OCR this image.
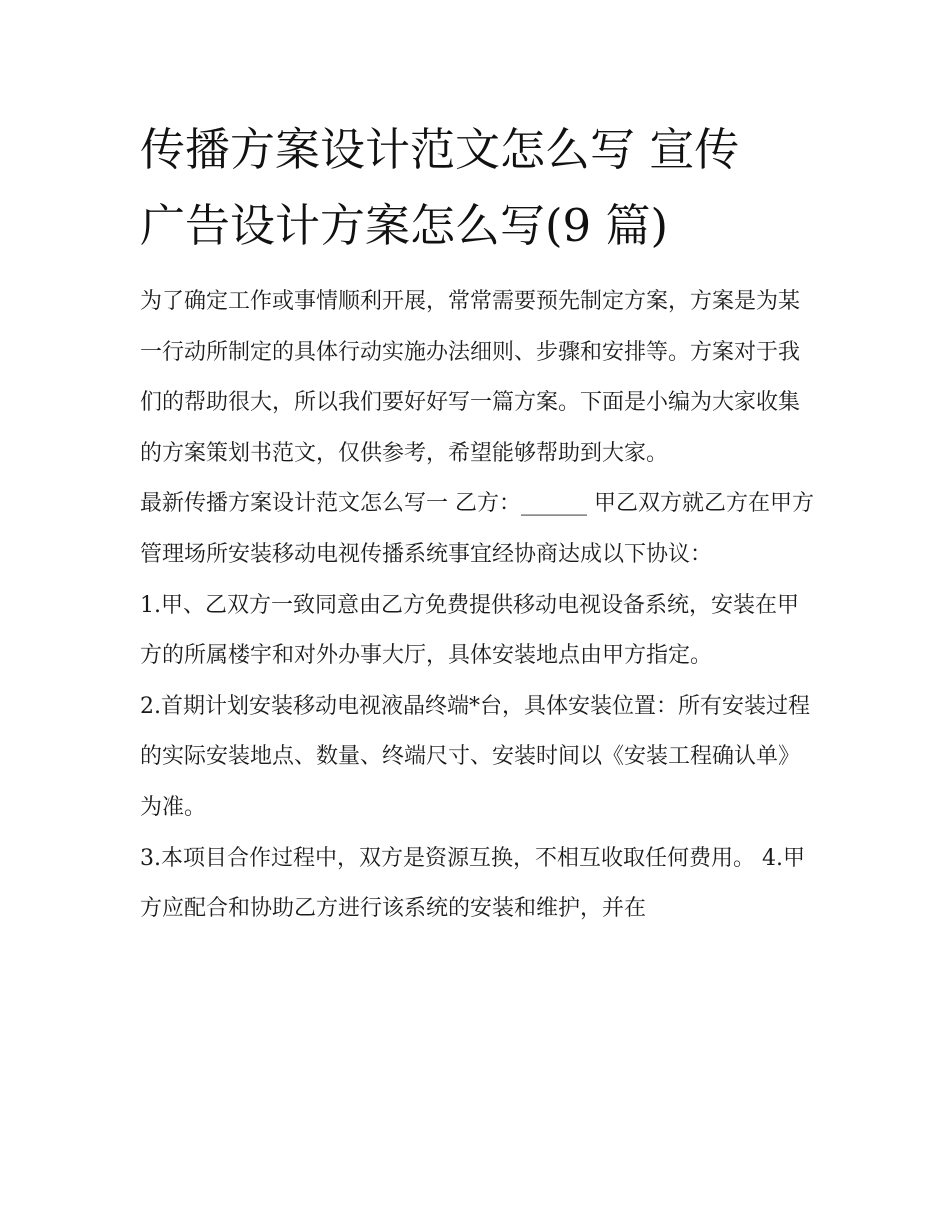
传播方案设计范文怎么写 宣传
广告设计方案怎么写(9 篇)

为了确定工作或事情顺利开展，常常需要预先制定方案，方案是为某一行动所制定的具体行动实施办法细则、步骤和安排等。方案对于我们的帮助很大，所以我们要好好写一篇方案。下面是小编为大家收集的方案策划书范文，仅供参考，希望能够帮助到大家。

最新传播方案设计范文怎么写一 乙方：______ 甲乙双方就乙方在甲方管理场所安装移动电视传播系统事宜经协商达成以下协议：

1.甲、乙双方一致同意由乙方免费提供移动电视设备系统，安装在甲方的所属楼宇和对外办事大厅，具体安装地点由甲方指定。

2.首期计划安装移动电视液晶终端*台，具体安装位置：所有安装过程的实际安装地点、数量、终端尺寸、安装时间以《安装工程确认单》为准。

3.本项目合作过程中，双方是资源互换，不相互收取任何费用。 4.甲方应配合和协助乙方进行该系统的安装和维护，并在
